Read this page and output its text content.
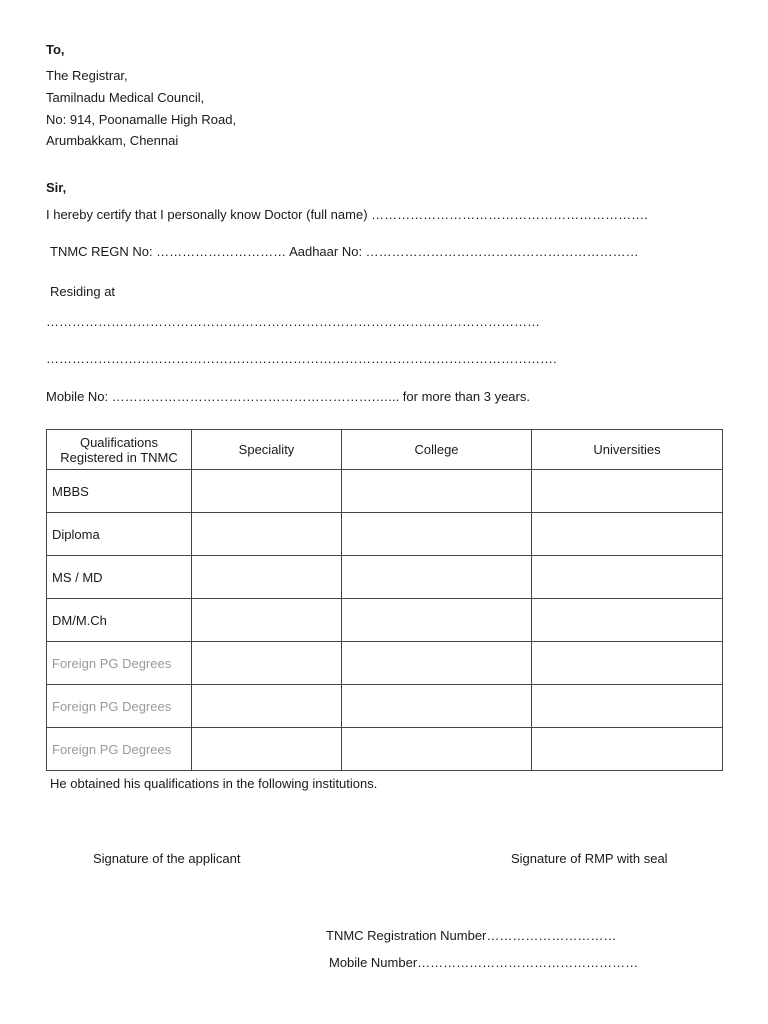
To,
The Registrar,
Tamilnadu Medical Council,
No: 914, Poonamalle High Road,
Arumbakkam, Chennai
Sir,
I hereby certify that I personally know Doctor (full name) ……………………………………………………….
TNMC REGN No: ………………………… Aadhaar No: ………………………………………………………
Residing at
……………………………………………………………………………………………………
……………………………………………………………………………………………………….
Mobile No: …………………………………………………….…... for more than 3 years.
Qualifications Registered in TNMC	Speciality	College	Universities
MBBS			
Diploma			
MS / MD			
DM/M.Ch			
Foreign PG Degrees			
Foreign PG Degrees			
Foreign PG Degrees			
He obtained his qualifications in the following institutions.
Signature of the applicant	Signature of RMP with seal
TNMC Registration Number…………………………
Mobile Number……………………………………………
